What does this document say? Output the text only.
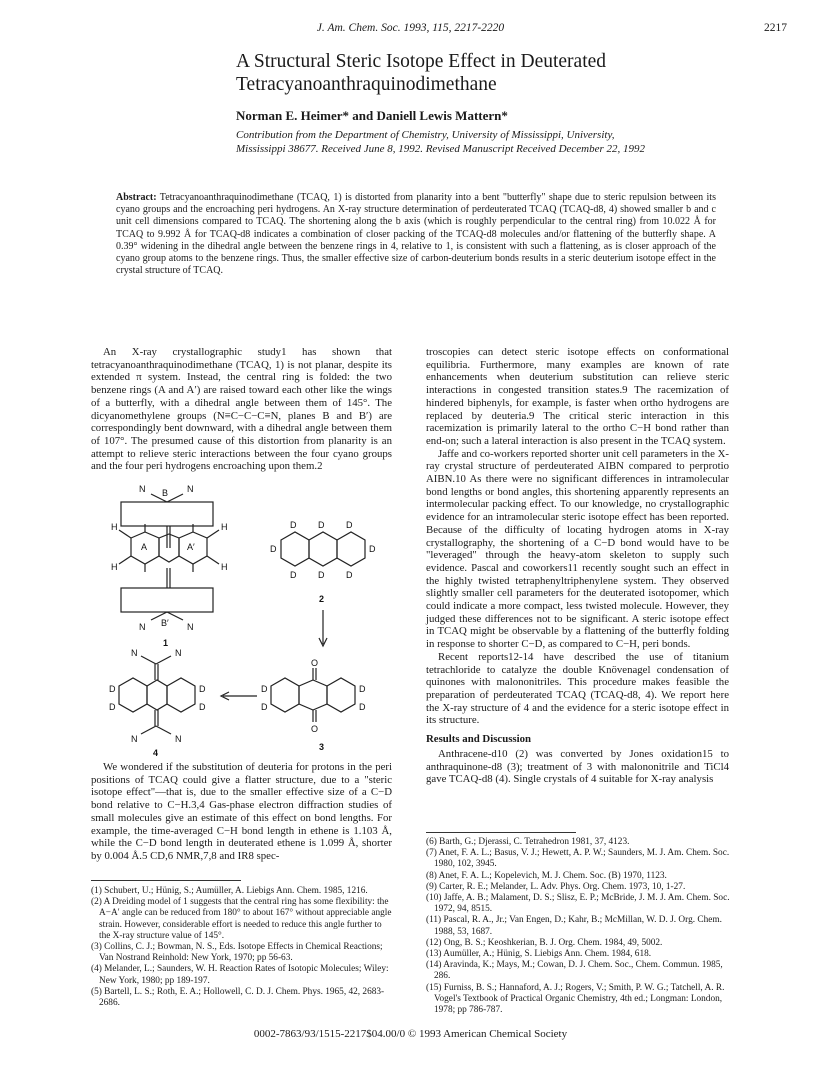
J. Am. Chem. Soc. 1993, 115, 2217-2220	2217
A Structural Steric Isotope Effect in Deuterated
Tetracyanoanthraquinodimethane
Norman E. Heimer* and Daniell Lewis Mattern*
Contribution from the Department of Chemistry, University of Mississippi, University,
Mississippi 38677. Received June 8, 1992. Revised Manuscript Received December 22, 1992
Abstract: Tetracyanoanthraquinodimethane (TCAQ, 1) is distorted from planarity into a bent "butterfly" shape due to steric repulsion between its cyano groups and the encroaching peri hydrogens. An X-ray structure determination of perdeuterated TCAQ (TCAQ-d8, 4) showed smaller b and c unit cell dimensions compared to TCAQ. The shortening along the b axis (which is roughly perpendicular to the central ring) from 10.022 Å for TCAQ to 9.992 Å for TCAQ-d8 indicates a combination of closer packing of the TCAQ-d8 molecules and/or flattening of the butterfly shape. A 0.39° widening in the dihedral angle between the benzene rings in 4, relative to 1, is consistent with such a flattening, as is closer approach of the cyano group atoms to the benzene rings. Thus, the smaller effective size of carbon-deuterium bonds results in a steric deuterium isotope effect in the crystal structure of TCAQ.

An X-ray crystallographic study1 has shown that tetracyanoanthraquinodimethane (TCAQ, 1) is not planar, despite its extended π system. Instead, the central ring is folded: the two benzene rings (A and A′) are raised toward each other like the wings of a butterfly, with a dihedral angle between them of 145°. The dicyanomethylene groups (N≡C−C−C≡N, planes B and B′) are correspondingly bent downward, with a dihedral angle between them of 107°. The presumed cause of this distortion from planarity is an attempt to relieve steric interactions between the four cyano groups and the four peri hydrogens encroaching upon them.2

B
B′
A	A′
H
H
H
H
N	N
N	N
1
D D D
D	D
D D D
2
O
O
D
D
D
D
3
D
D
D
D
N	N
N	N
4

We wondered if the substitution of deuteria for protons in the peri positions of TCAQ could give a flatter structure, due to a "steric isotope effect"—that is, due to the smaller effective size of a C−D bond relative to C−H.3,4 Gas-phase electron diffraction studies of small molecules give an estimate of this effect on bond lengths. For example, the time-averaged C−H bond length in ethene is 1.103 Å, while the C−D bond length in deuterated ethene is 1.099 Å, shorter by 0.004 Å.5 CD,6 NMR,7,8 and IR8 spec-

(1) Schubert, U.; Hünig, S.; Aumüller, A. Liebigs Ann. Chem. 1985, 1216.

(2) A Dreiding model of 1 suggests that the central ring has some flexibility: the A−A′ angle can be reduced from 180° to about 167° without appreciable angle strain. However, considerable effort is needed to reduce this angle further to the X-ray structure value of 145°.

(3) Collins, C. J.; Bowman, N. S., Eds. Isotope Effects in Chemical Reactions; Van Nostrand Reinhold: New York, 1970; pp 56-63.

(4) Melander, L.; Saunders, W. H. Reaction Rates of Isotopic Molecules; Wiley: New York, 1980; pp 189-197.

(5) Bartell, L. S.; Roth, E. A.; Hollowell, C. D. J. Chem. Phys. 1965, 42, 2683-2686.

troscopies can detect steric isotope effects on conformational equilibria. Furthermore, many examples are known of rate enhancements when deuterium substitution can relieve steric interactions in congested transition states.9 The racemization of hindered biphenyls, for example, is faster when ortho hydrogens are replaced by deuteria.9 The critical steric interaction in this racemization is primarily lateral to the ortho C−H bond rather than end-on; such a lateral interaction is also present in the TCAQ system.

Jaffe and co-workers reported shorter unit cell parameters in the X-ray crystal structure of perdeuterated AIBN compared to perprotio AIBN.10 As there were no significant differences in intramolecular bond lengths or bond angles, this shortening apparently represents an intermolecular packing effect. To our knowledge, no crystallographic evidence for an intramolecular steric isotope effect has been reported. Because of the difficulty of locating hydrogen atoms in X-ray crystallography, the shortening of a C−D bond would have to be "leveraged" through the heavy-atom skeleton to supply such evidence. Pascal and coworkers11 recently sought such an effect in the highly twisted tetraphenyltriphenylene system. They observed slightly smaller cell parameters for the deuterated isotopomer, which could indicate a more compact, less twisted molecule. However, they judged these differences not to be significant. A steric isotope effect in TCAQ might be observable by a flattening of the butterfly folding in response to shorter C−D, as compared to C−H, peri bonds.

Recent reports12-14 have described the use of titanium tetrachloride to catalyze the double Knövenagel condensation of quinones with malononitriles. This procedure makes feasible the preparation of perdeuterated TCAQ (TCAQ-d8, 4). We report here the X-ray structure of 4 and the evidence for a steric isotope effect in its structure.

Results and Discussion

Anthracene-d10 (2) was converted by Jones oxidation15 to anthraquinone-d8 (3); treatment of 3 with malononitrile and TiCl4 gave TCAQ-d8 (4). Single crystals of 4 suitable for X-ray analysis

(6) Barth, G.; Djerassi, C. Tetrahedron 1981, 37, 4123.

(7) Anet, F. A. L.; Basus, V. J.; Hewett, A. P. W.; Saunders, M. J. Am. Chem. Soc. 1980, 102, 3945.

(8) Anet, F. A. L.; Kopelevich, M. J. Chem. Soc. (B) 1970, 1123.

(9) Carter, R. E.; Melander, L. Adv. Phys. Org. Chem. 1973, 10, 1-27.

(10) Jaffe, A. B.; Malament, D. S.; Slisz, E. P.; McBride, J. M. J. Am. Chem. Soc. 1972, 94, 8515.

(11) Pascal, R. A., Jr.; Van Engen, D.; Kahr, B.; McMillan, W. D. J. Org. Chem. 1988, 53, 1687.

(12) Ong, B. S.; Keoshkerian, B. J. Org. Chem. 1984, 49, 5002.

(13) Aumüller, A.; Hünig, S. Liebigs Ann. Chem. 1984, 618.

(14) Aravinda, K.; Mays, M.; Cowan, D. J. Chem. Soc., Chem. Commun. 1985, 286.

(15) Furniss, B. S.; Hannaford, A. J.; Rogers, V.; Smith, P. W. G.; Tatchell, A. R. Vogel's Textbook of Practical Organic Chemistry, 4th ed.; Longman: London, 1978; pp 786-787.

0002-7863/93/1515-2217$04.00/0 © 1993 American Chemical Society
